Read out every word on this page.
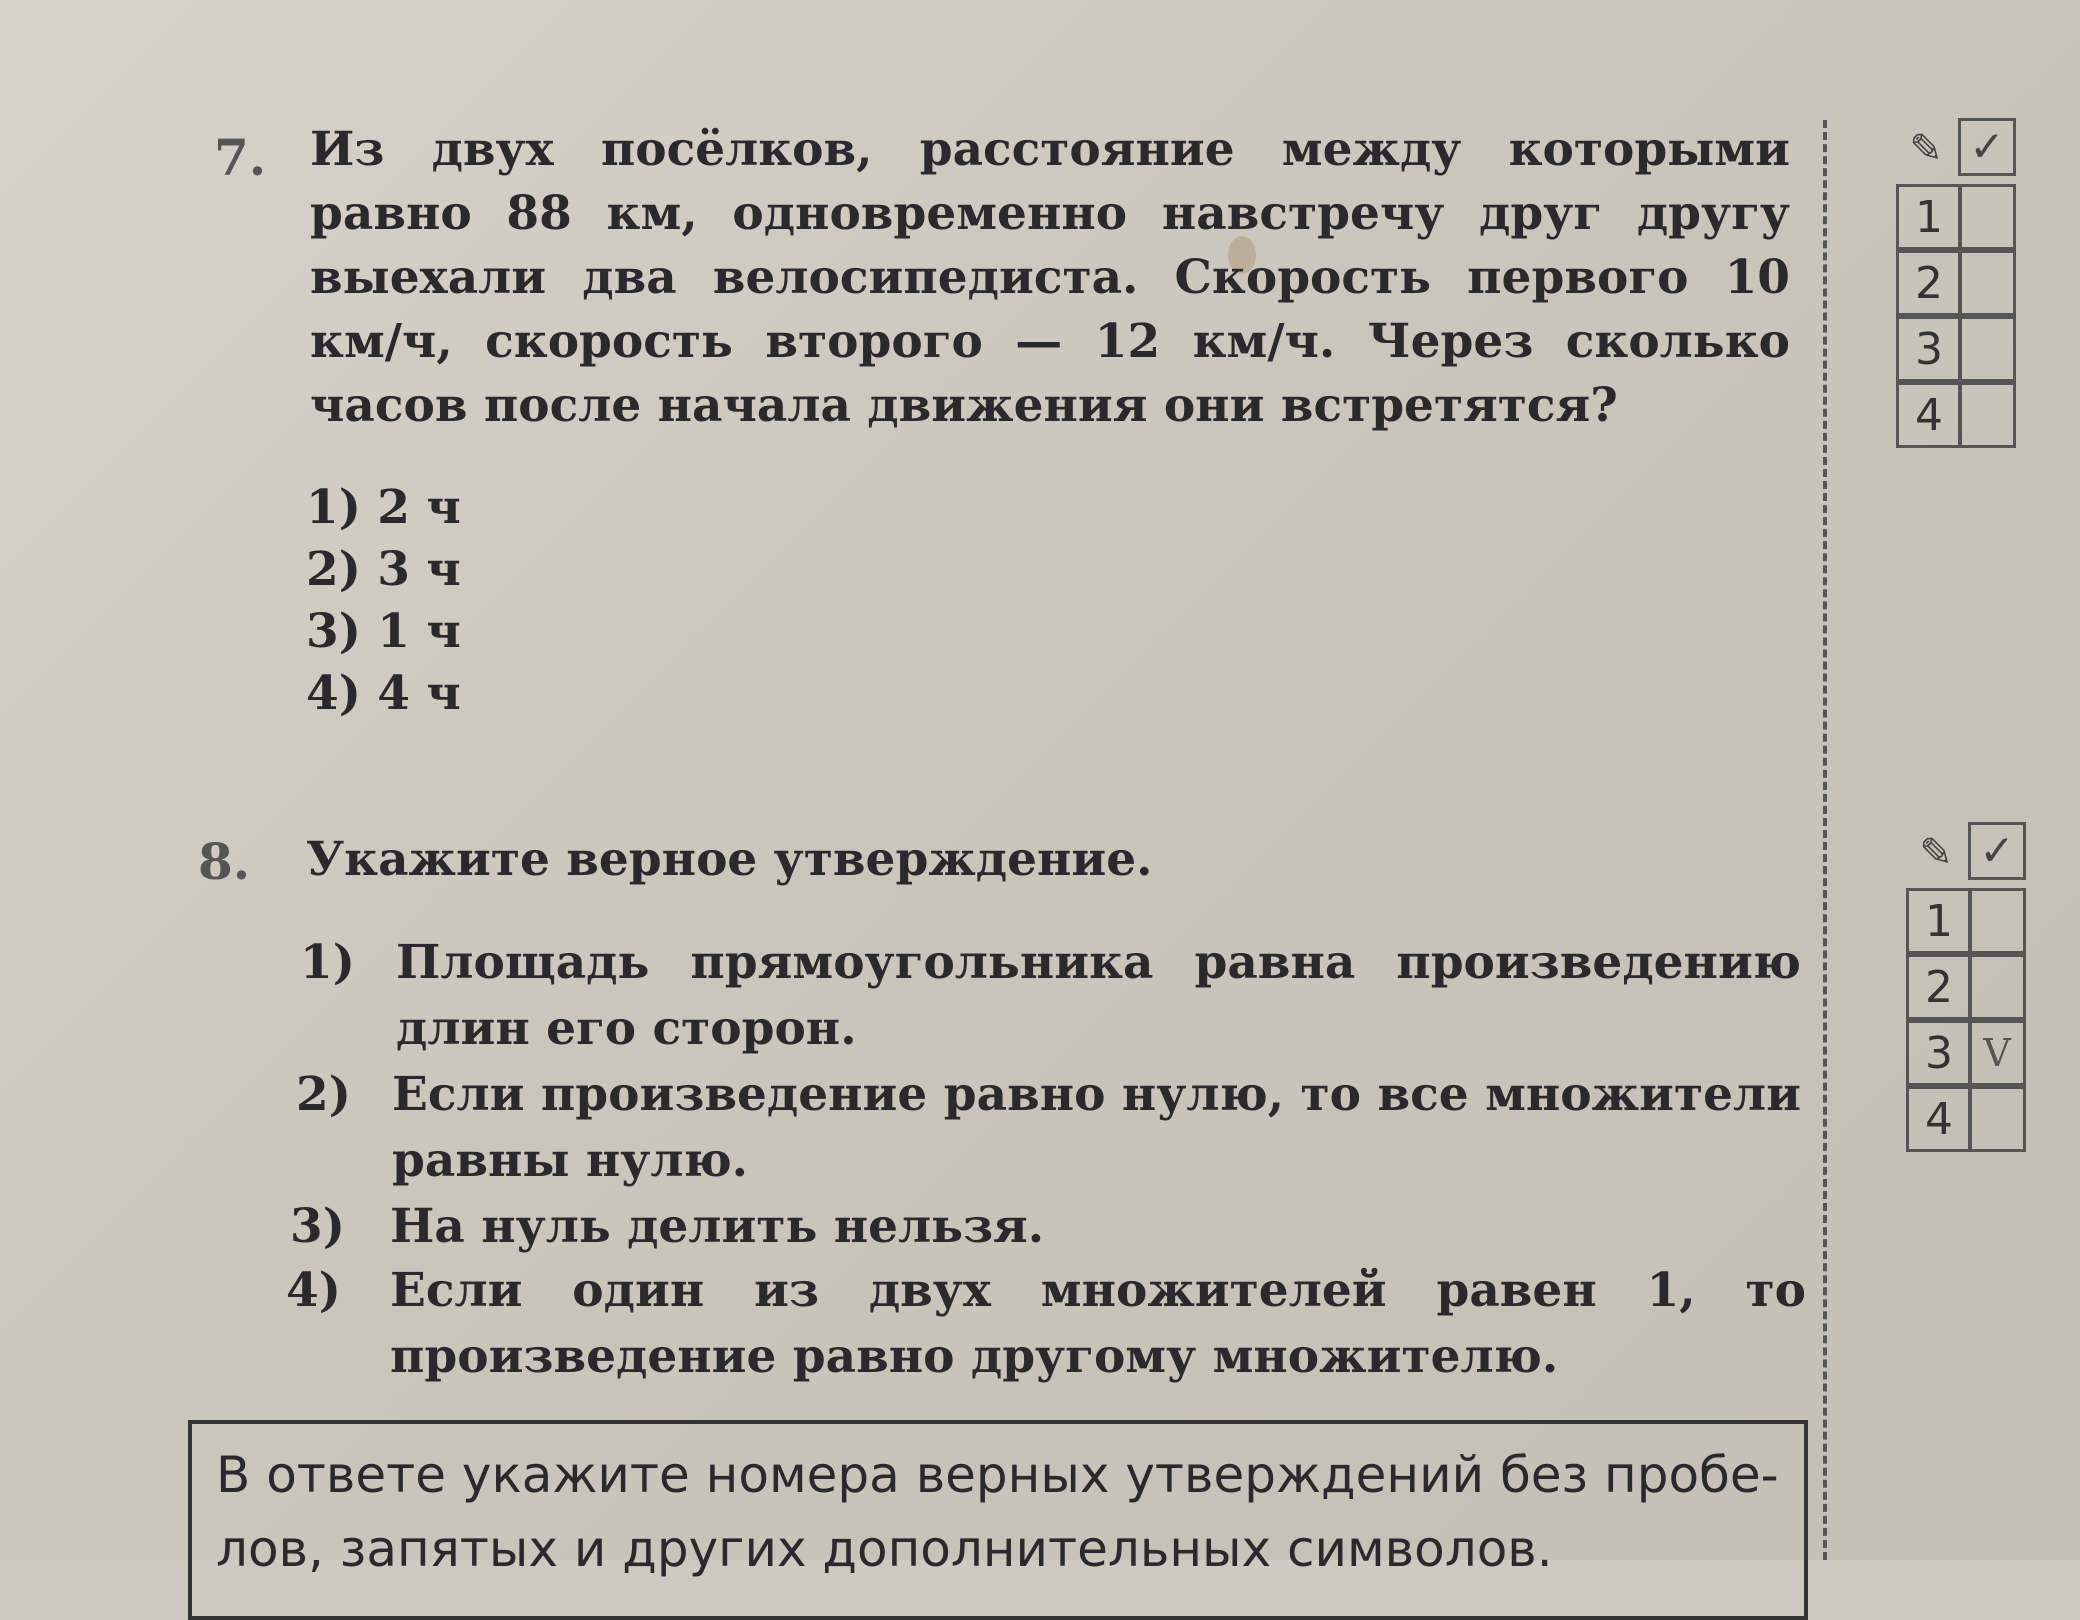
7. Из двух посёлков, расстояние между которыми равно 88 км, одновременно навстречу друг другу выехали два велосипедиста. Скорость первого 10 км/ч, скорость второго — 12 км/ч. Через сколько часов после начала движения они встретятся?
1) 2 ч
2) 3 ч
3) 1 ч
4) 4 ч
8. Укажите верное утверждение.
1) Площадь прямоугольника равна произведению длин его сторон.
2) Если произведение равно нулю, то все множители равны нулю.
3) На нуль делить нельзя.
4) Если один из двух множителей равен 1, то произведение равно другому множителю.
✎ ✓
1
2
3
4
✎ ✓
1
2
3 V
4
В ответе укажите номера верных утверждений без пробе-
лов, запятых и других дополнительных символов.
